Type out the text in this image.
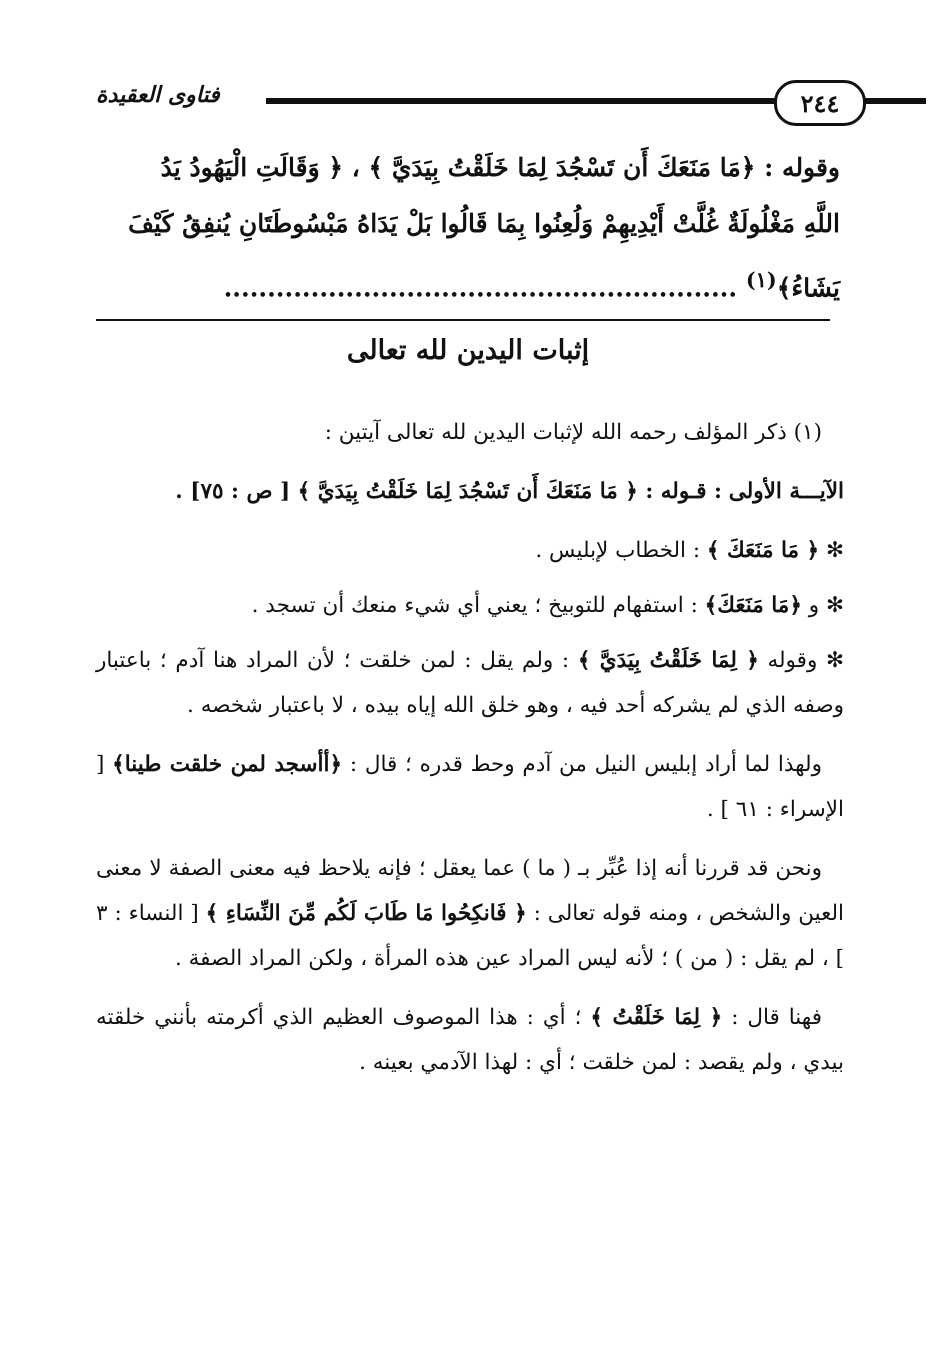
فتاوى العقيدة	٢٤٤

وقوله : ﴿مَا مَنَعَكَ أَن تَسْجُدَ لِمَا خَلَقْتُ بِيَدَيَّ ﴾ ، ﴿ وَقَالَتِ الْيَهُودُ يَدُ

اللَّهِ مَغْلُولَةٌ غُلَّتْ أَيْدِيهِمْ وَلُعِنُوا بِمَا قَالُوا بَلْ يَدَاهُ مَبْسُوطَتَانِ يُنفِقُ كَيْفَ

يَشَاءُ﴾$^{(١)}$ ...........................................................

إثبات اليدين لله تعالى

(١) ذكر المؤلف رحمه الله لإثبات اليدين لله تعالى آيتين :

الآيـــة الأولى : قـوله : ﴿ مَا مَنَعَكَ أَن تَسْجُدَ لِمَا خَلَقْتُ بِيَدَيَّ ﴾ [ ص : ٧٥] .

✻ ﴿ مَا مَنَعَكَ ﴾ : الخطاب لإبليس .

✻ و ﴿مَا مَنَعَكَ﴾ : استفهام للتوبيخ ؛ يعني أي شيء منعك أن تسجد .

✻ وقوله ﴿ لِمَا خَلَقْتُ بِيَدَيَّ ﴾ : ولم يقل : لمن خلقت ؛ لأن المراد هنا آدم ؛ باعتبار وصفه الذي لم يشركه أحد فيه ، وهو خلق الله إياه بيده ، لا باعتبار شخصه .

ولهذا لما أراد إبليس النيل من آدم وحط قدره ؛ قال : ﴿أأسجد لمن خلقت طينا﴾ [ الإسراء : ٦١ ] .

ونحن قد قررنا أنه إذا عُبِّر بـ ( ما ) عما يعقل ؛ فإنه يلاحظ فيه معنى الصفة لا معنى العين والشخص ، ومنه قوله تعالى : ﴿ فَانكِحُوا مَا طَابَ لَكُم مِّنَ النِّسَاءِ ﴾ [ النساء : ٣ ] ، لم يقل : ( من ) ؛ لأنه ليس المراد عين هذه المرأة ، ولكن المراد الصفة .

فهنا قال : ﴿ لِمَا خَلَقْتُ ﴾ ؛ أي : هذا الموصوف العظيم الذي أكرمته بأنني خلقته بيدي ، ولم يقصد : لمن خلقت ؛ أي : لهذا الآدمي بعينه .
